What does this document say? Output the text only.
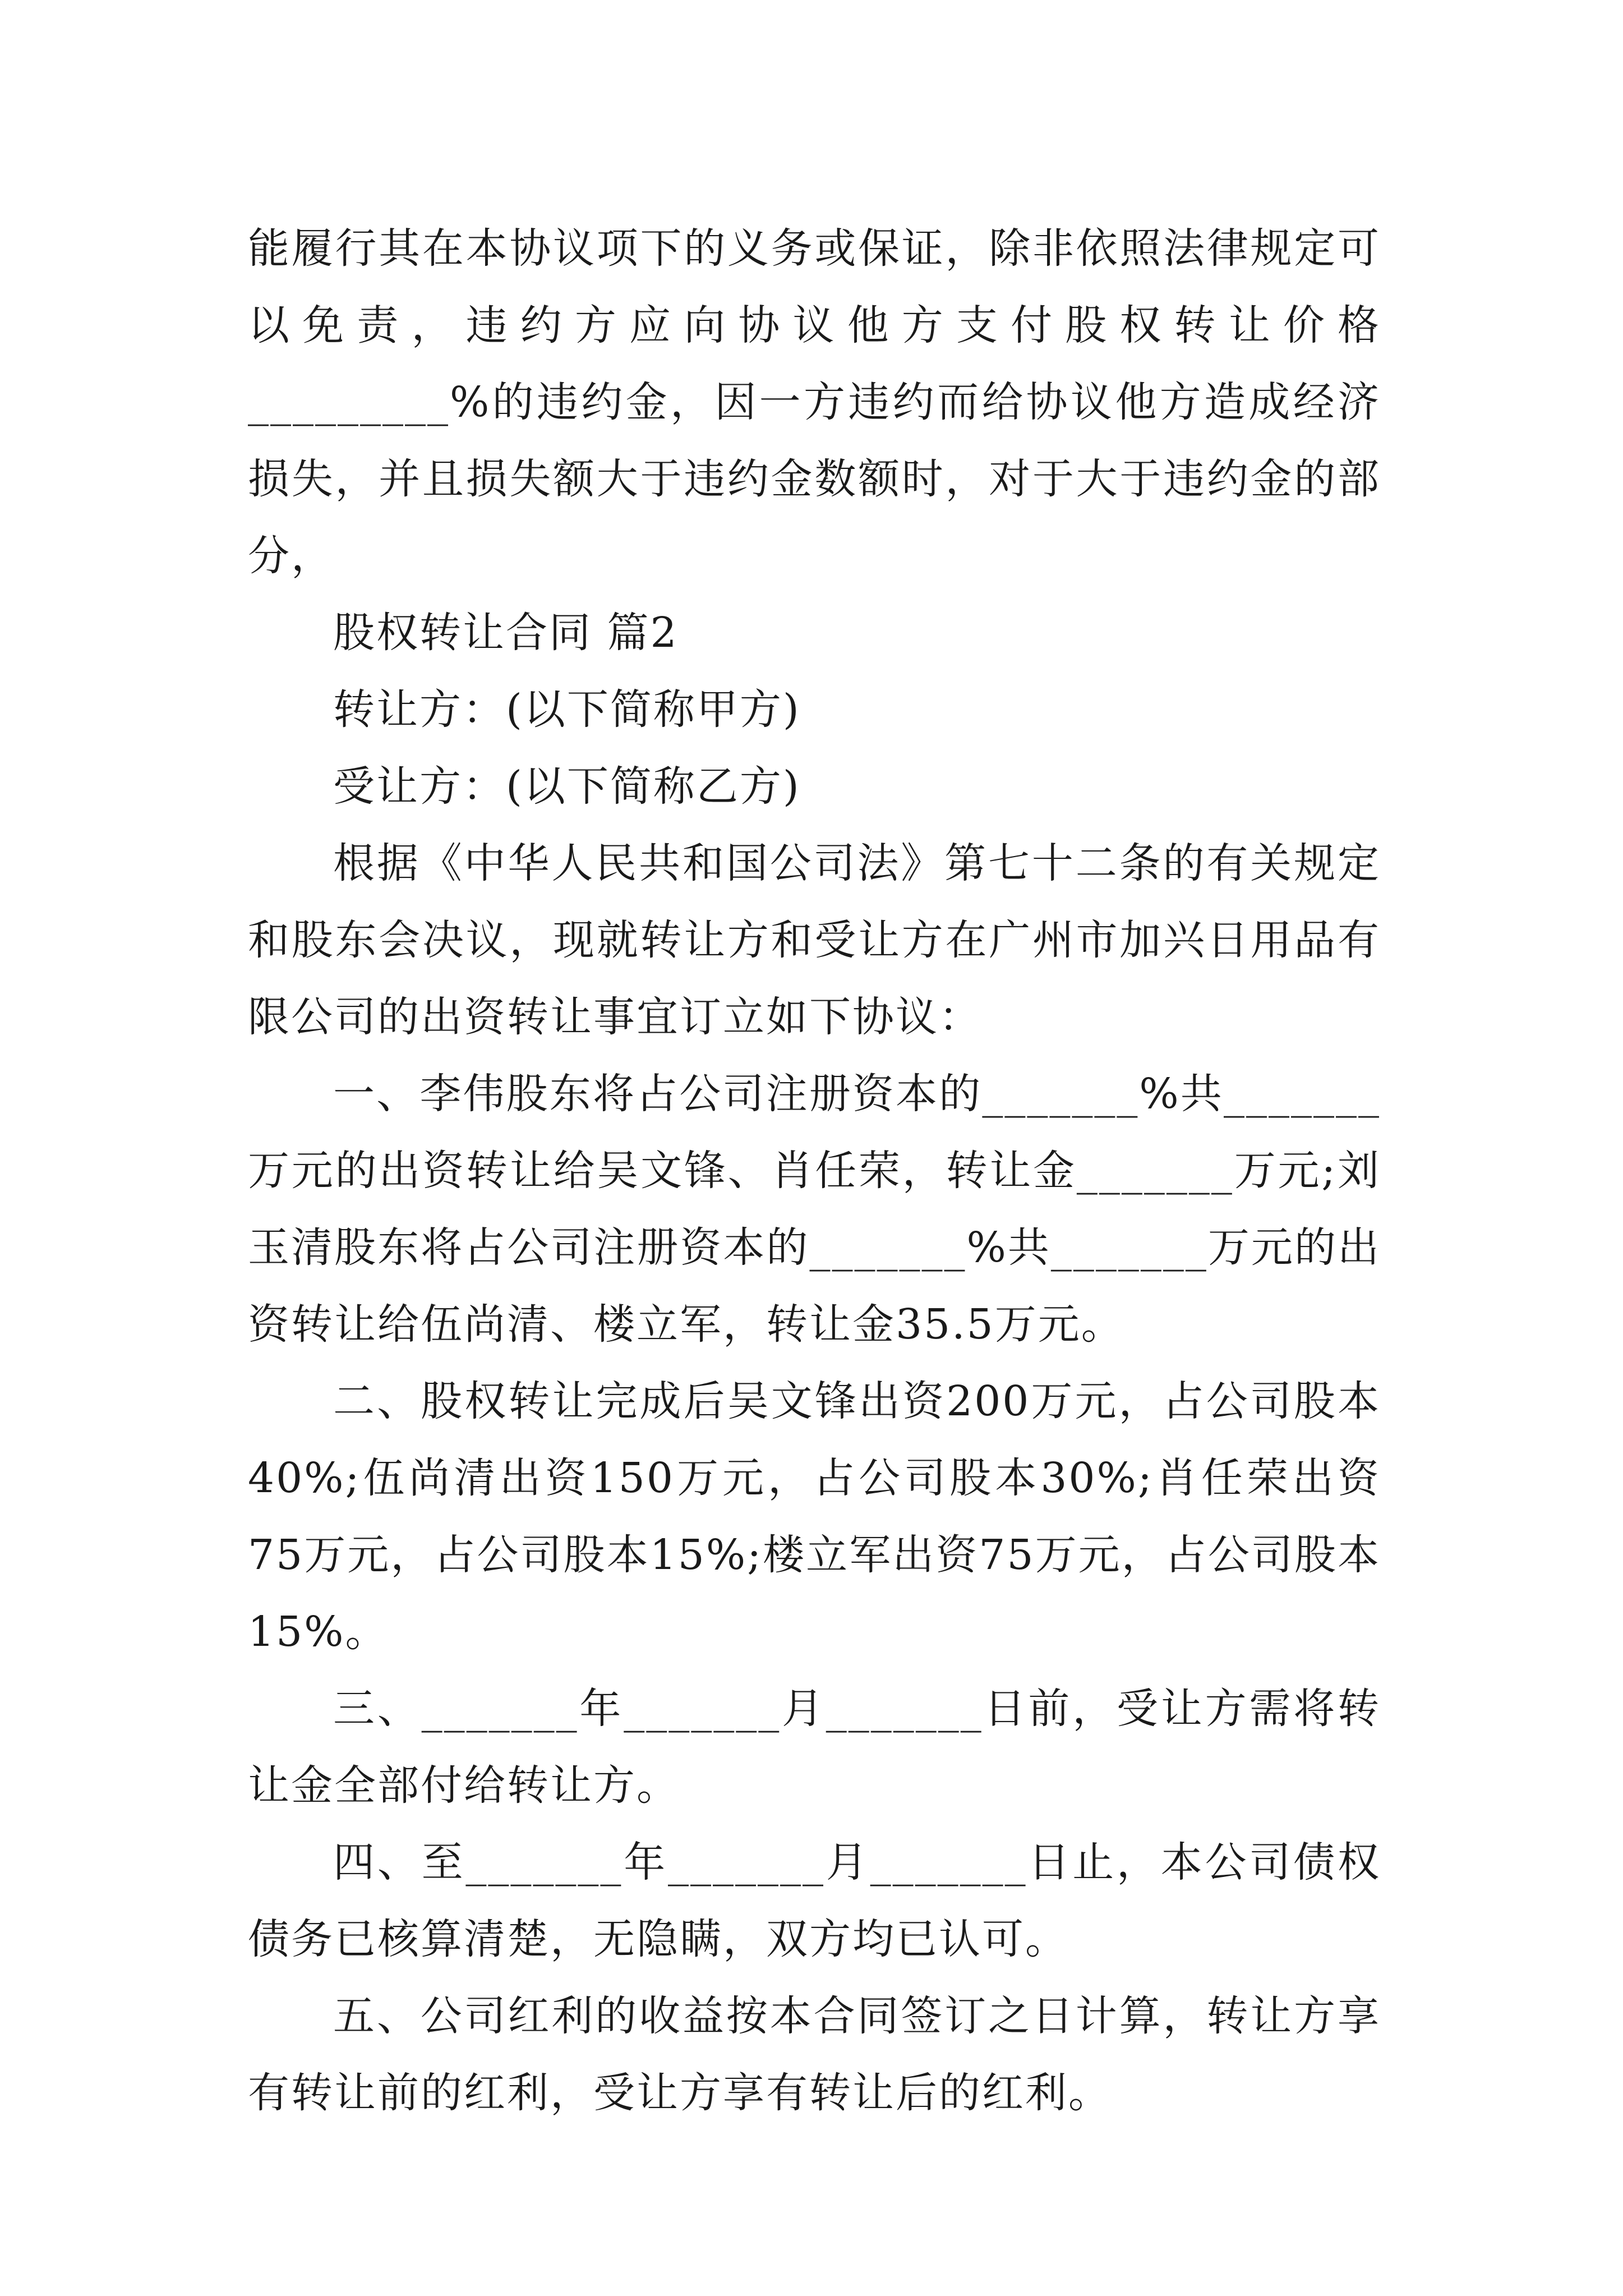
能履行其在本协议项下的义务或保证，除非依照法律规定可以免责，违约方应向协议他方支付股权转让价格_________%的违约金，因一方违约而给协议他方造成经济损失，并且损失额大于违约金数额时，对于大于违约金的部分，

股权转让合同 篇2

转让方：(以下简称甲方)

受让方：(以下简称乙方)

根据《中华人民共和国公司法》第七十二条的有关规定和股东会决议，现就转让方和受让方在广州市加兴日用品有限公司的出资转让事宜订立如下协议：

一、李伟股东将占公司注册资本的_______%共_______万元的出资转让给吴文锋、肖任荣，转让金_______万元;刘玉清股东将占公司注册资本的_______%共_______万元的出资转让给伍尚清、楼立军，转让金35.5万元。

二、股权转让完成后吴文锋出资200万元，占公司股本40%;伍尚清出资150万元，占公司股本30%;肖任荣出资75万元，占公司股本15%;楼立军出资75万元，占公司股本15%。

三、_______年_______月_______日前，受让方需将转让金全部付给转让方。

四、至_______年_______月_______日止，本公司债权债务已核算清楚，无隐瞒，双方均已认可。

五、公司红利的收益按本合同签订之日计算，转让方享有转让前的红利，受让方享有转让后的红利。
